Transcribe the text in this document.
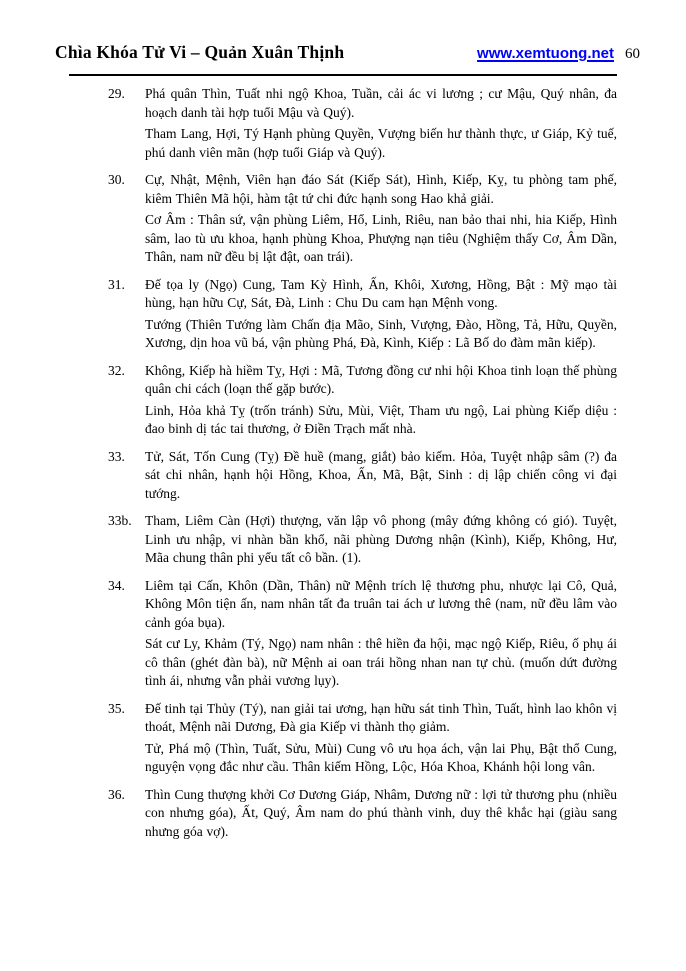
Chìa Khóa Tử Vi – Quản Xuân Thịnh	www.xemtuong.net 60
29.	Phá quân Thìn, Tuất nhi ngộ Khoa, Tuần, cải ác vi lương ; cư Mậu, Quý nhân, đa hoạch danh tài hợp tuổi Mậu và Quý).

Tham Lang, Hợi, Tý Hạnh phùng Quyền, Vượng biến hư thành thực, ư Giáp, Kỷ tuế, phú danh viên mãn (hợp tuổi Giáp và Quý).

30.	Cự, Nhật, Mệnh, Viên hạn đáo Sát (Kiếp Sát), Hình, Kiếp, Kỵ, tu phòng tam phế, kiêm Thiên Mã hội, hàm tật tứ chi đức hạnh song Hao khả giải.

Cơ Âm : Thân sứ, vận phùng Liêm, Hổ, Linh, Riêu, nan bảo thai nhi, hia Kiếp, Hình sâm, lao tù ưu khoa, hạnh phùng Khoa, Phượng nạn tiêu (Nghiệm thấy Cơ, Âm Dần, Thân, nam nữ đều bị lật đật, oan trái).

31.	Đế tọa ly (Ngọ) Cung, Tam Kỳ Hình, Ấn, Khôi, Xương, Hồng, Bật : Mỹ mạo tài hùng, hạn hữu Cự, Sát, Đà, Linh : Chu Du cam hạn Mệnh vong.

Tướng (Thiên Tướng làm Chấn địa Mão, Sinh, Vượng, Đào, Hồng, Tả, Hữu, Quyền, Xương, dịn hoa vũ bá, vận phùng Phá, Đà, Kình, Kiếp : Lã Bố do đàm mãn kiếp).

32.	Không, Kiếp hà hiềm Tỵ, Hợi : Mã, Tương đồng cư nhi hội Khoa tinh loạn thế phùng quân chi cách (loạn thế gặp bước).

Linh, Hỏa khả Tỵ (trốn tránh) Sửu, Mùi, Việt, Tham ưu ngộ, Lai phùng Kiếp diệu : đao binh dị tác tai thương, ở Điền Trạch mất nhà.

33.	Tử, Sát, Tốn Cung (Tỵ) Đề huề (mang, giắt) bảo kiếm. Hỏa, Tuyệt nhập sâm (?) đa sát chi nhân, hạnh hội Hồng, Khoa, Ấn, Mã, Bật, Sinh : dị lập chiến công vi đại tướng.

33b. Tham, Liêm Càn (Hợi) thượng, văn lập vô phong (mây đứng không có gió). Tuyệt, Linh ưu nhập, vi nhàn bần khổ, nãi phùng Dương nhận (Kình), Kiếp, Không, Hư, Mãa chung thân phi yểu tất cô bần. (1).

34.	Liêm tại Cấn, Khôn (Dần, Thân) nữ Mệnh trích lệ thương phu, nhược lại Cô, Quả, Không Môn tiện ấn, nam nhân tất đa truân tai ách ư lương thê (nam, nữ đều lâm vào cảnh góa bụa).

Sát cư Ly, Khảm (Tý, Ngọ) nam nhân : thê hiền đa hội, mạc ngộ Kiếp, Riêu, ố phụ ái cô thân (ghét đàn bà), nữ Mệnh ai oan trái hồng nhan nan tự chủ. (muốn dứt đường tình ái, nhưng vẫn phải vương lụy).

35.	Đế tinh tại Thủy (Tý), nan giải tai ương, hạn hữu sát tinh Thìn, Tuất, hình lao khôn vị thoát, Mệnh nãi Dương, Đà gia Kiếp vi thành thọ giảm.

Tử, Phá mộ (Thìn, Tuất, Sửu, Mùi) Cung vô ưu họa ách, vận lai Phụ, Bật thổ Cung, nguyện vọng đắc như cầu. Thân kiếm Hồng, Lộc, Hóa Khoa, Khánh hội long vân.

36.	Thìn Cung thượng khởi Cơ Dương Giáp, Nhâm, Dương nữ : lợi tử thương phu (nhiều con nhưng góa), Ất, Quý, Âm nam do phú thành vinh, duy thê khắc hại (giàu sang nhưng góa vợ).
